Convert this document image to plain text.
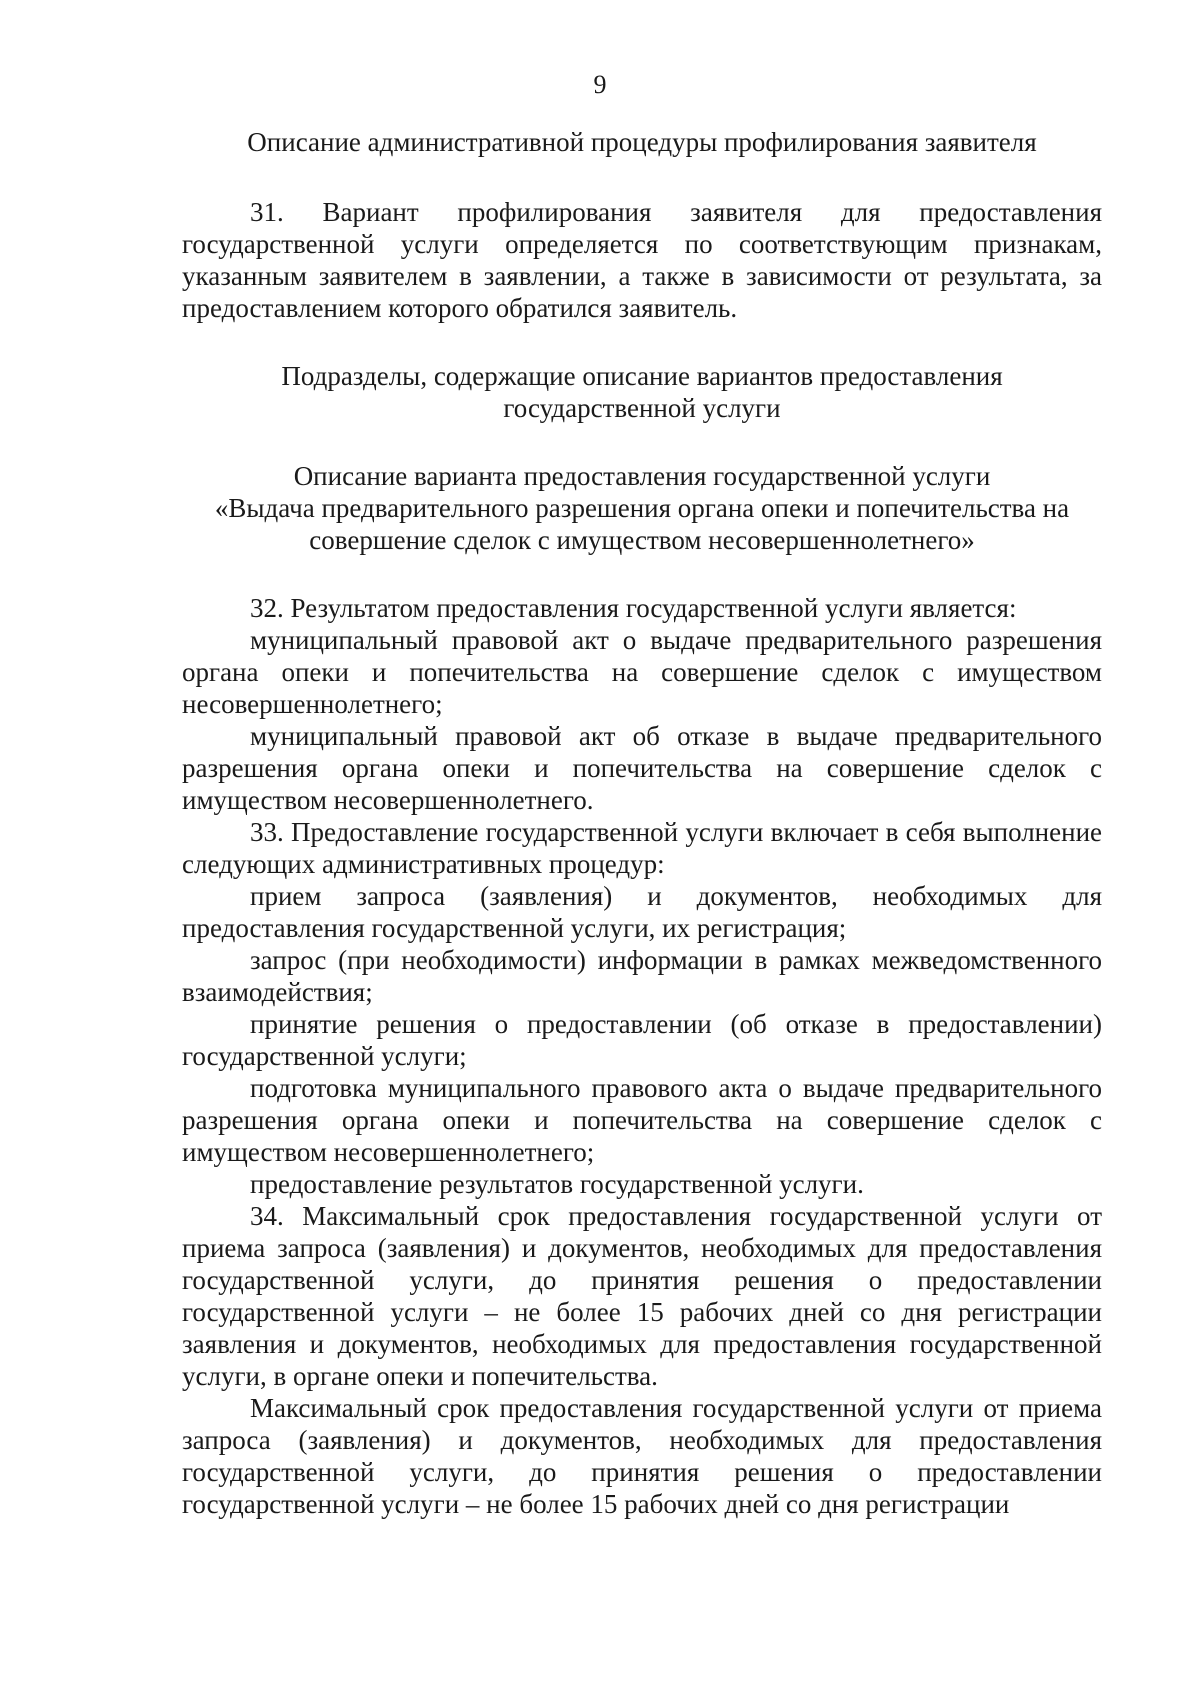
9

Описание административной процедуры профилирования заявителя

31. Вариант профилирования заявителя для предоставления государственной услуги определяется по соответствующим признакам, указанным заявителем в заявлении, а также в зависимости от результата, за предоставлением которого обратился заявитель.

Подразделы, содержащие описание вариантов предоставления
государственной услуги

Описание варианта предоставления государственной услуги
«Выдача предварительного разрешения органа опеки и попечительства на
совершение сделок с имуществом несовершеннолетнего»

32. Результатом предоставления государственной услуги является:

муниципальный правовой акт о выдаче предварительного разрешения органа опеки и попечительства на совершение сделок с имуществом несовершеннолетнего;

муниципальный правовой акт об отказе в выдаче предварительного разрешения органа опеки и попечительства на совершение сделок с имуществом несовершеннолетнего.

33. Предоставление государственной услуги включает в себя выполнение следующих административных процедур:

прием запроса (заявления) и документов, необходимых для предоставления государственной услуги, их регистрация;

запрос (при необходимости) информации в рамках межведомственного взаимодействия;

принятие решения о предоставлении (об отказе в предоставлении) государственной услуги;

подготовка муниципального правового акта о выдаче предварительного разрешения органа опеки и попечительства на совершение сделок с имуществом несовершеннолетнего;

предоставление результатов государственной услуги.

34. Максимальный срок предоставления государственной услуги от приема запроса (заявления) и документов, необходимых для предоставления государственной услуги, до принятия решения о предоставлении государственной услуги – не более 15 рабочих дней со дня регистрации заявления и документов, необходимых для предоставления государственной услуги, в органе опеки и попечительства.

Максимальный срок предоставления государственной услуги от приема запроса (заявления) и документов, необходимых для предоставления государственной услуги, до принятия решения о предоставлении государственной услуги – не более 15 рабочих дней со дня регистрации
